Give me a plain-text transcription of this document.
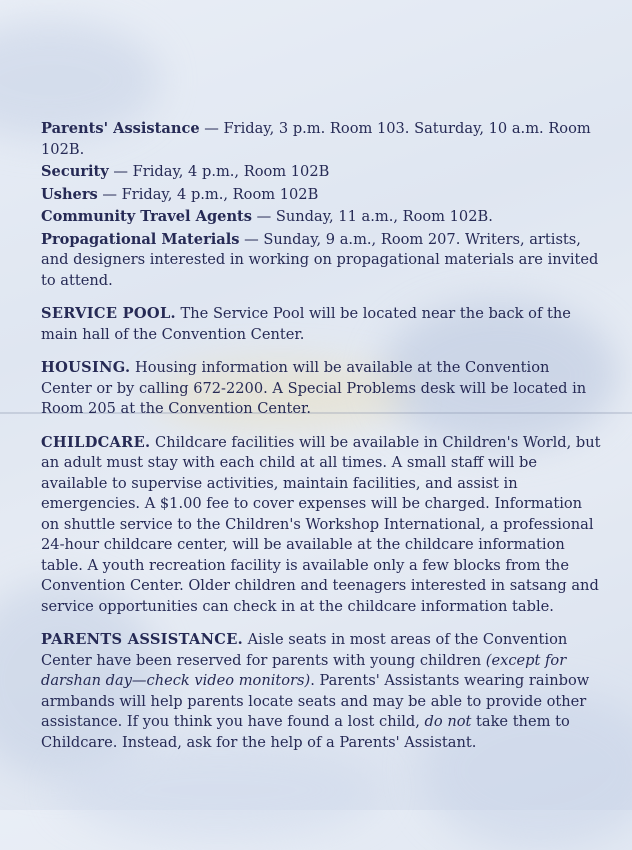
Parents' Assistance — Friday, 3 p.m. Room 103. Saturday, 10 a.m. Room 102B.
Security — Friday, 4 p.m., Room 102B
Ushers — Friday, 4 p.m., Room 102B
Community Travel Agents — Sunday, 11 a.m., Room 102B.
Propagational Materials — Sunday, 9 a.m., Room 207. Writers, artists, and designers interested in working on propagational materials are invited to attend.
SERVICE POOL. The Service Pool will be located near the back of the main hall of the Convention Center.
HOUSING. Housing information will be available at the Convention Center or by calling 672-2200. A Special Problems desk will be located in Room 205 at the Convention Center.
CHILDCARE. Childcare facilities will be available in Children's World, but an adult must stay with each child at all times. A small staff will be available to supervise activities, maintain facilities, and assist in emergencies. A $1.00 fee to cover expenses will be charged. Information on shuttle service to the Children's Workshop International, a professional 24-hour childcare center, will be available at the childcare information table. A youth recreation facility is available only a few blocks from the Convention Center. Older children and teenagers interested in satsang and service opportunities can check in at the childcare information table.
PARENTS ASSISTANCE. Aisle seats in most areas of the Convention Center have been reserved for parents with young children (except for darshan day—check video monitors). Parents' Assistants wearing rainbow armbands will help parents locate seats and may be able to provide other assistance. If you think you have found a lost child, do not take them to Childcare. Instead, ask for the help of a Parents' Assistant.
